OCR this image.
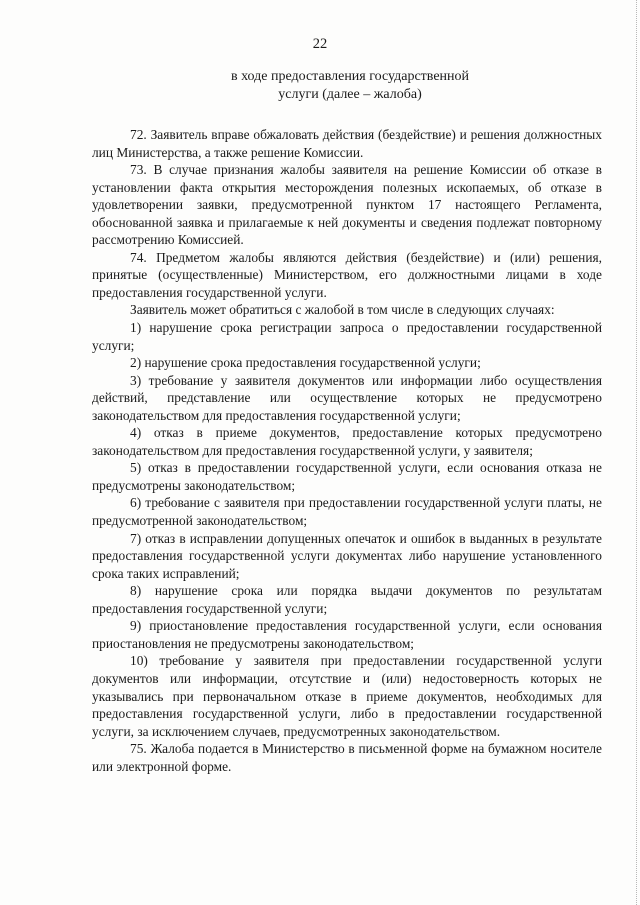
22
в ходе предоставления государственной
услуги (далее – жалоба)

72. Заявитель вправе обжаловать действия (бездействие) и решения должностных лиц Министерства, а также решение Комиссии.

73. В случае признания жалобы заявителя на решение Комиссии об отказе в установлении факта открытия месторождения полезных ископаемых, об отказе в удовлетворении заявки, предусмотренной пунктом 17 настоящего Регламента, обоснованной заявка и прилагаемые к ней документы и сведения подлежат повторному рассмотрению Комиссией.

74. Предметом жалобы являются действия (бездействие) и (или) решения, принятые (осуществленные) Министерством, его должностными лицами в ходе предоставления государственной услуги.

Заявитель может обратиться с жалобой в том числе в следующих случаях:

1) нарушение срока регистрации запроса о предоставлении государственной услуги;

2) нарушение срока предоставления государственной услуги;

3) требование у заявителя документов или информации либо осуществления действий, представление или осуществление которых не предусмотрено законодательством для предоставления государственной услуги;

4) отказ в приеме документов, предоставление которых предусмотрено законодательством для предоставления государственной услуги, у заявителя;

5) отказ в предоставлении государственной услуги, если основания отказа не предусмотрены законодательством;

6) требование с заявителя при предоставлении государственной услуги платы, не предусмотренной законодательством;

7) отказ в исправлении допущенных опечаток и ошибок в выданных в результате предоставления государственной услуги документах либо нарушение установленного срока таких исправлений;

8) нарушение срока или порядка выдачи документов по результатам предоставления государственной услуги;

9) приостановление предоставления государственной услуги, если основания приостановления не предусмотрены законодательством;

10) требование у заявителя при предоставлении государственной услуги документов или информации, отсутствие и (или) недостоверность которых не указывались при первоначальном отказе в приеме документов, необходимых для предоставления государственной услуги, либо в предоставлении государственной услуги, за исключением случаев, предусмотренных законодательством.

75. Жалоба подается в Министерство в письменной форме на бумажном носителе или электронной форме.
